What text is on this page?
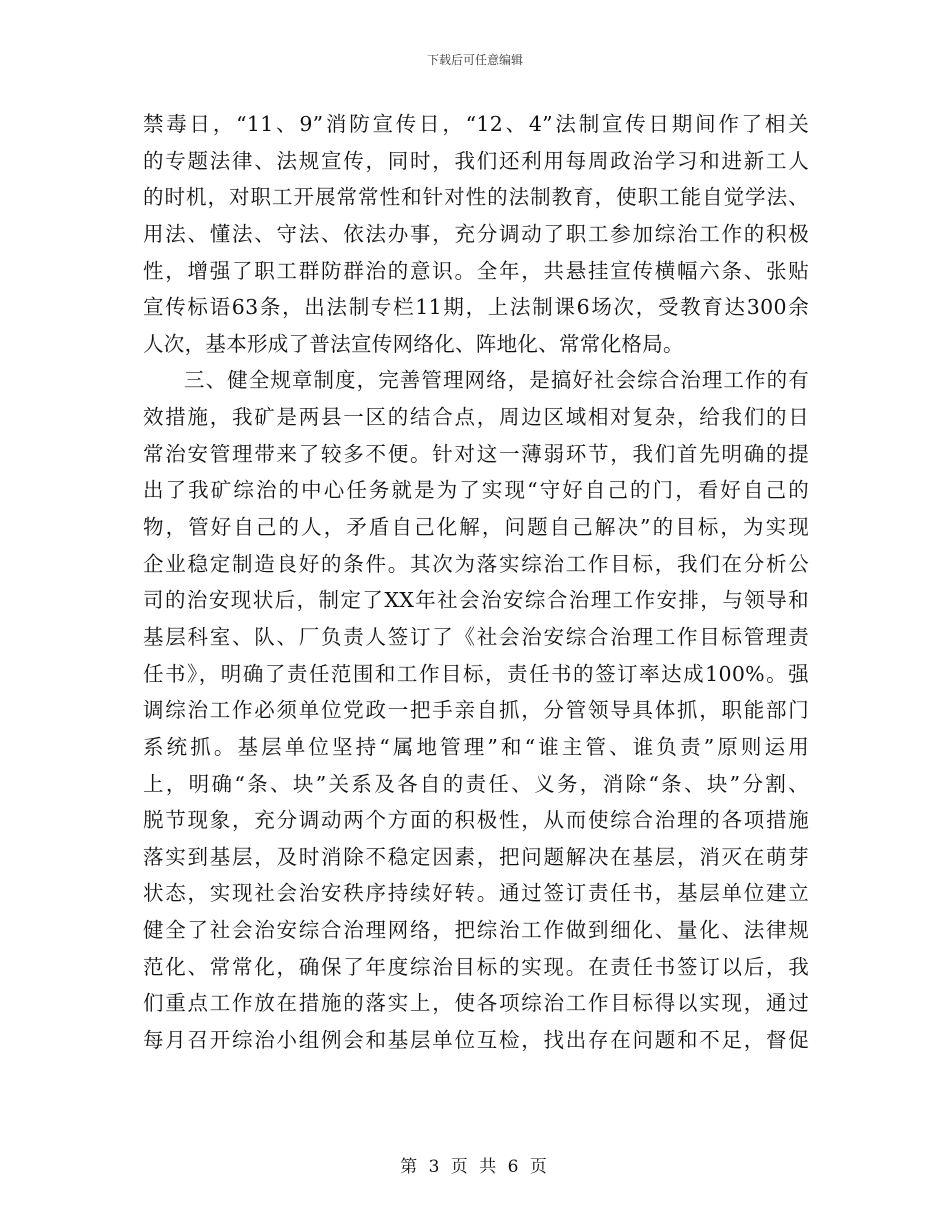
下载后可任意编辑
禁毒日，“11、9”消防宣传日，“12、4”法制宣传日期间作了相关
的专题法律、法规宣传，同时，我们还利用每周政治学习和进新工人
的时机，对职工开展常常性和针对性的法制教育，使职工能自觉学法、
用法、懂法、守法、依法办事，充分调动了职工参加综治工作的积极
性，增强了职工群防群治的意识。全年，共悬挂宣传横幅六条、张贴
宣传标语63条，出法制专栏11期，上法制课6场次，受教育达300余
人次，基本形成了普法宣传网络化、阵地化、常常化格局。
三、健全规章制度，完善管理网络，是搞好社会综合治理工作的有
效措施，我矿是两县一区的结合点，周边区域相对复杂，给我们的日
常治安管理带来了较多不便。针对这一薄弱环节，我们首先明确的提
出了我矿综治的中心任务就是为了实现“守好自己的门，看好自己的
物，管好自己的人，矛盾自己化解，问题自己解决”的目标，为实现
企业稳定制造良好的条件。其次为落实综治工作目标，我们在分析公
司的治安现状后，制定了XX年社会治安综合治理工作安排，与领导和
基层科室、队、厂负责人签订了《社会治安综合治理工作目标管理责
任书》，明确了责任范围和工作目标，责任书的签订率达成100%。强
调综治工作必须单位党政一把手亲自抓，分管领导具体抓，职能部门
系统抓。基层单位坚持“属地管理”和“谁主管、谁负责”原则运用
上，明确“条、块”关系及各自的责任、义务，消除“条、块”分割、
脱节现象，充分调动两个方面的积极性，从而使综合治理的各项措施
落实到基层，及时消除不稳定因素，把问题解决在基层，消灭在萌芽
状态，实现社会治安秩序持续好转。通过签订责任书，基层单位建立
健全了社会治安综合治理网络，把综治工作做到细化、量化、法律规
范化、常常化，确保了年度综治目标的实现。在责任书签订以后，我
们重点工作放在措施的落实上，使各项综治工作目标得以实现，通过
每月召开综治小组例会和基层单位互检，找出存在问题和不足，督促
第 3 页 共 6 页
